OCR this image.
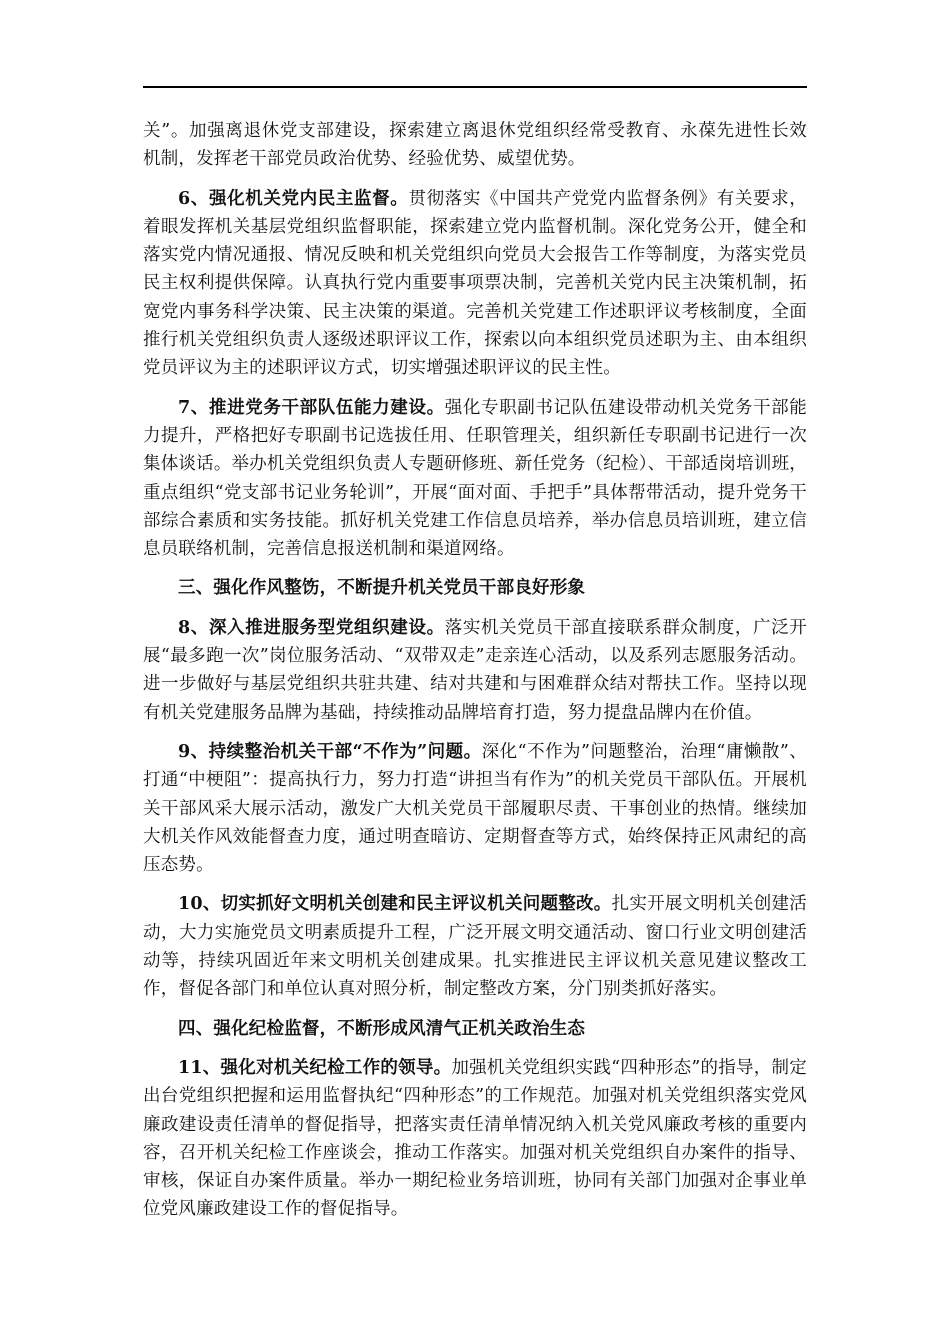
关”。加强离退休党支部建设，探索建立离退休党组织经常受教育、永葆先进性长效机制，发挥老干部党员政治优势、经验优势、威望优势。

6、强化机关党内民主监督。贯彻落实《中国共产党党内监督条例》有关要求，着眼发挥机关基层党组织监督职能，探索建立党内监督机制。深化党务公开，健全和落实党内情况通报、情况反映和机关党组织向党员大会报告工作等制度，为落实党员民主权利提供保障。认真执行党内重要事项票决制，完善机关党内民主决策机制，拓宽党内事务科学决策、民主决策的渠道。完善机关党建工作述职评议考核制度，全面推行机关党组织负责人逐级述职评议工作，探索以向本组织党员述职为主、由本组织党员评议为主的述职评议方式，切实增强述职评议的民主性。

7、推进党务干部队伍能力建设。强化专职副书记队伍建设带动机关党务干部能力提升，严格把好专职副书记选拔任用、任职管理关，组织新任专职副书记进行一次集体谈话。举办机关党组织负责人专题研修班、新任党务（纪检）、干部适岗培训班，重点组织“党支部书记业务轮训”，开展“面对面、手把手”具体帮带活动，提升党务干部综合素质和实务技能。抓好机关党建工作信息员培养，举办信息员培训班，建立信息员联络机制，完善信息报送机制和渠道网络。

三、强化作风整饬，不断提升机关党员干部良好形象

8、深入推进服务型党组织建设。落实机关党员干部直接联系群众制度，广泛开展“最多跑一次”岗位服务活动、“双带双走”走亲连心活动，以及系列志愿服务活动。进一步做好与基层党组织共驻共建、结对共建和与困难群众结对帮扶工作。坚持以现有机关党建服务品牌为基础，持续推动品牌培育打造，努力提盘品牌内在价值。

9、持续整治机关干部“不作为”问题。深化“不作为”问题整治，治理“庸懒散”、打通“中梗阻”：提高执行力，努力打造“讲担当有作为”的机关党员干部队伍。开展机关干部风采大展示活动，激发广大机关党员干部履职尽责、干事创业的热情。继续加大机关作风效能督查力度，通过明查暗访、定期督查等方式，始终保持正风肃纪的高压态势。

10、切实抓好文明机关创建和民主评议机关问题整改。扎实开展文明机关创建活动，大力实施党员文明素质提升工程，广泛开展文明交通活动、窗口行业文明创建活动等，持续巩固近年来文明机关创建成果。扎实推进民主评议机关意见建议整改工作，督促各部门和单位认真对照分析，制定整改方案，分门别类抓好落实。

四、强化纪检监督，不断形成风清气正机关政治生态

11、强化对机关纪检工作的领导。加强机关党组织实践“四种形态”的指导，制定出台党组织把握和运用监督执纪“四种形态”的工作规范。加强对机关党组织落实党风廉政建设责任清单的督促指导，把落实责任清单情况纳入机关党风廉政考核的重要内容，召开机关纪检工作座谈会，推动工作落实。加强对机关党组织自办案件的指导、审核，保证自办案件质量。举办一期纪检业务培训班，协同有关部门加强对企事业单位党风廉政建设工作的督促指导。
